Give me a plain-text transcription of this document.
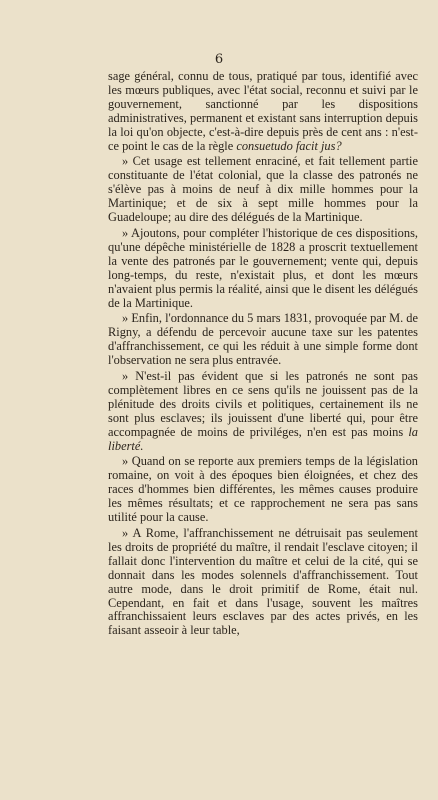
6

sage général, connu de tous, pratiqué par tous, identifié avec les mœurs publiques, avec l'état social, reconnu et suivi par le gouvernement, sanctionné par les dispositions administratives, permanent et existant sans interruption depuis la loi qu'on objecte, c'est-à-dire depuis près de cent ans : n'est-ce point le cas de la règle consuetudo facit jus?

» Cet usage est tellement enraciné, et fait tellement partie constituante de l'état colonial, que la classe des patronés ne s'élève pas à moins de neuf à dix mille hommes pour la Martinique; et de six à sept mille hommes pour la Guadeloupe; au dire des délégués de la Martinique.

» Ajoutons, pour compléter l'historique de ces dispositions, qu'une dépêche ministérielle de 1828 a proscrit textuellement la vente des patronés par le gouvernement; vente qui, depuis long-temps, du reste, n'existait plus, et dont les mœurs n'avaient plus permis la réalité, ainsi que le disent les délégués de la Martinique.

» Enfin, l'ordonnance du 5 mars 1831, provoquée par M. de Rigny, a défendu de percevoir aucune taxe sur les patentes d'affranchissement, ce qui les réduit à une simple forme dont l'observation ne sera plus entravée.

» N'est-il pas évident que si les patronés ne sont pas complètement libres en ce sens qu'ils ne jouissent pas de la plénitude des droits civils et politiques, certainement ils ne sont plus esclaves; ils jouissent d'une liberté qui, pour être accompagnée de moins de priviléges, n'en est pas moins la liberté.

» Quand on se reporte aux premiers temps de la législation romaine, on voit à des époques bien éloignées, et chez des races d'hommes bien différentes, les mêmes causes produire les mêmes résultats; et ce rapprochement ne sera pas sans utilité pour la cause.

» A Rome, l'affranchissement ne détruisait pas seulement les droits de propriété du maître, il rendait l'esclave citoyen; il fallait donc l'intervention du maître et celui de la cité, qui se donnait dans les modes solennels d'affranchissement. Tout autre mode, dans le droit primitif de Rome, était nul. Cependant, en fait et dans l'usage, souvent les maîtres affranchissaient leurs esclaves par des actes privés, en les faisant asseoir à leur table,
